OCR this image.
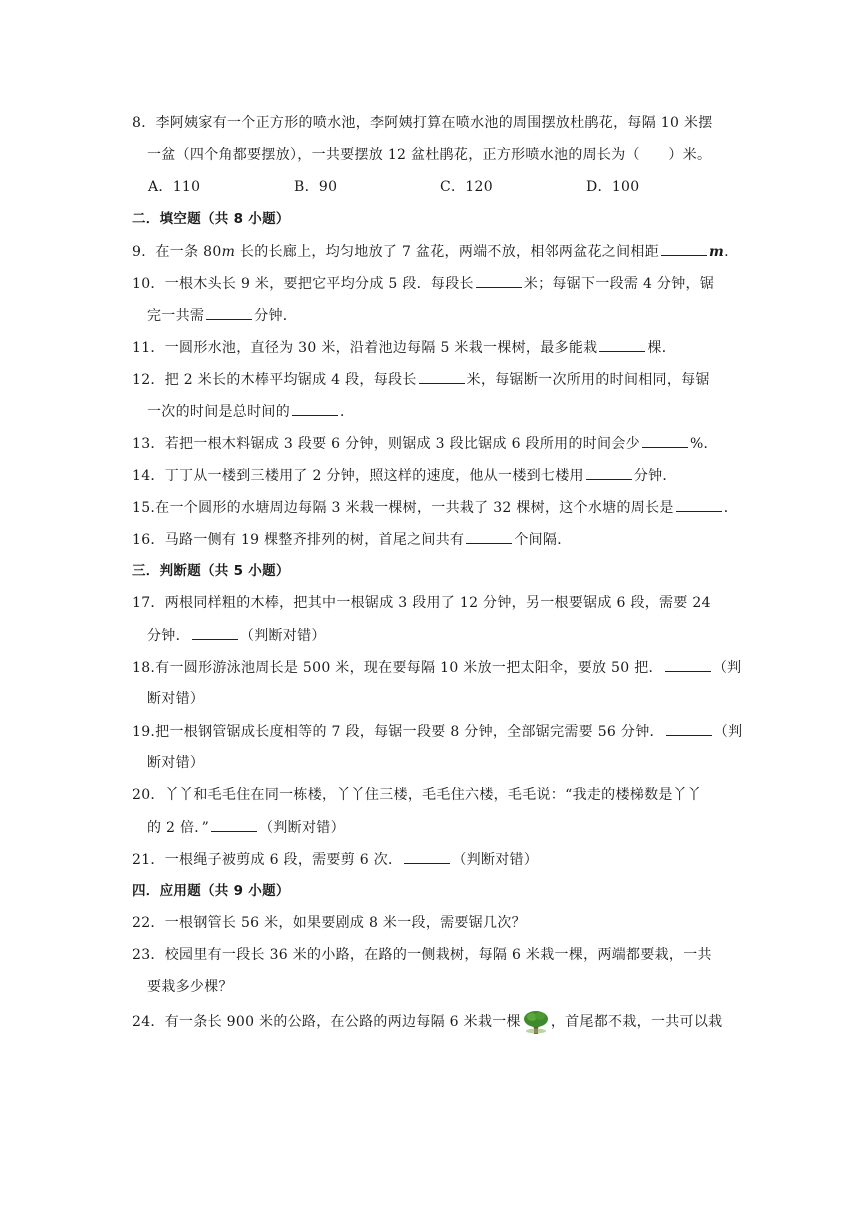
8．李阿姨家有一个正方形的喷水池，李阿姨打算在喷水池的周围摆放杜鹃花，每隔 10 米摆
一盆（四个角都要摆放），一共要摆放 12 盆杜鹃花，正方形喷水池的周长为（　　）米。
A．110	B．90	C．120	D．100
二．填空题（共 8 小题）
9．在一条 80m 长的长廊上，均匀地放了 7 盆花，两端不放，相邻两盆花之间相距	m.
10．一根木头长 9 米，要把它平均分成 5 段．每段长	米；每锯下一段需 4 分钟，锯
完一共需	分钟．
11．一圆形水池，直径为 30 米，沿着池边每隔 5 米栽一棵树，最多能栽	棵．
12．把 2 米长的木棒平均锯成 4 段，每段长	米，每锯断一次所用的时间相同，每锯
一次的时间是总时间的	．
13．若把一根木料锯成 3 段要 6 分钟，则锯成 3 段比锯成 6 段所用的时间会少	%．
14．丁丁从一楼到三楼用了 2 分钟，照这样的速度，他从一楼到七楼用	分钟．
15.在一个圆形的水塘周边每隔 3 米栽一棵树，一共栽了 32 棵树，这个水塘的周长是	．
16．马路一侧有 19 棵整齐排列的树，首尾之间共有	个间隔．
三．判断题（共 5 小题）
17．两根同样粗的木棒，把其中一根锯成 3 段用了 12 分钟，另一根要锯成 6 段，需要 24
分钟．	（判断对错）
18.有一圆形游泳池周长是 500 米，现在要每隔 10 米放一把太阳伞，要放 50 把．	（判
断对错）
19.把一根钢管锯成长度相等的 7 段，每锯一段要 8 分钟，全部锯完需要 56 分钟．	（判
断对错）
20．丫丫和毛毛住在同一栋楼，丫丫住三楼，毛毛住六楼，毛毛说：“我走的楼梯数是丫丫
的 2 倍．”	（判断对错）
21．一根绳子被剪成 6 段，需要剪 6 次．	（判断对错）
四．应用题（共 9 小题）
22．一根钢管长 56 米，如果要剧成 8 米一段，需要锯几次？
23．校园里有一段长 36 米的小路，在路的一侧栽树，每隔 6 米栽一棵，两端都要栽，一共
要栽多少棵？
24．有一条长 900 米的公路，在公路的两边每隔 6 米栽一棵 ，首尾都不栽，一共可以栽
